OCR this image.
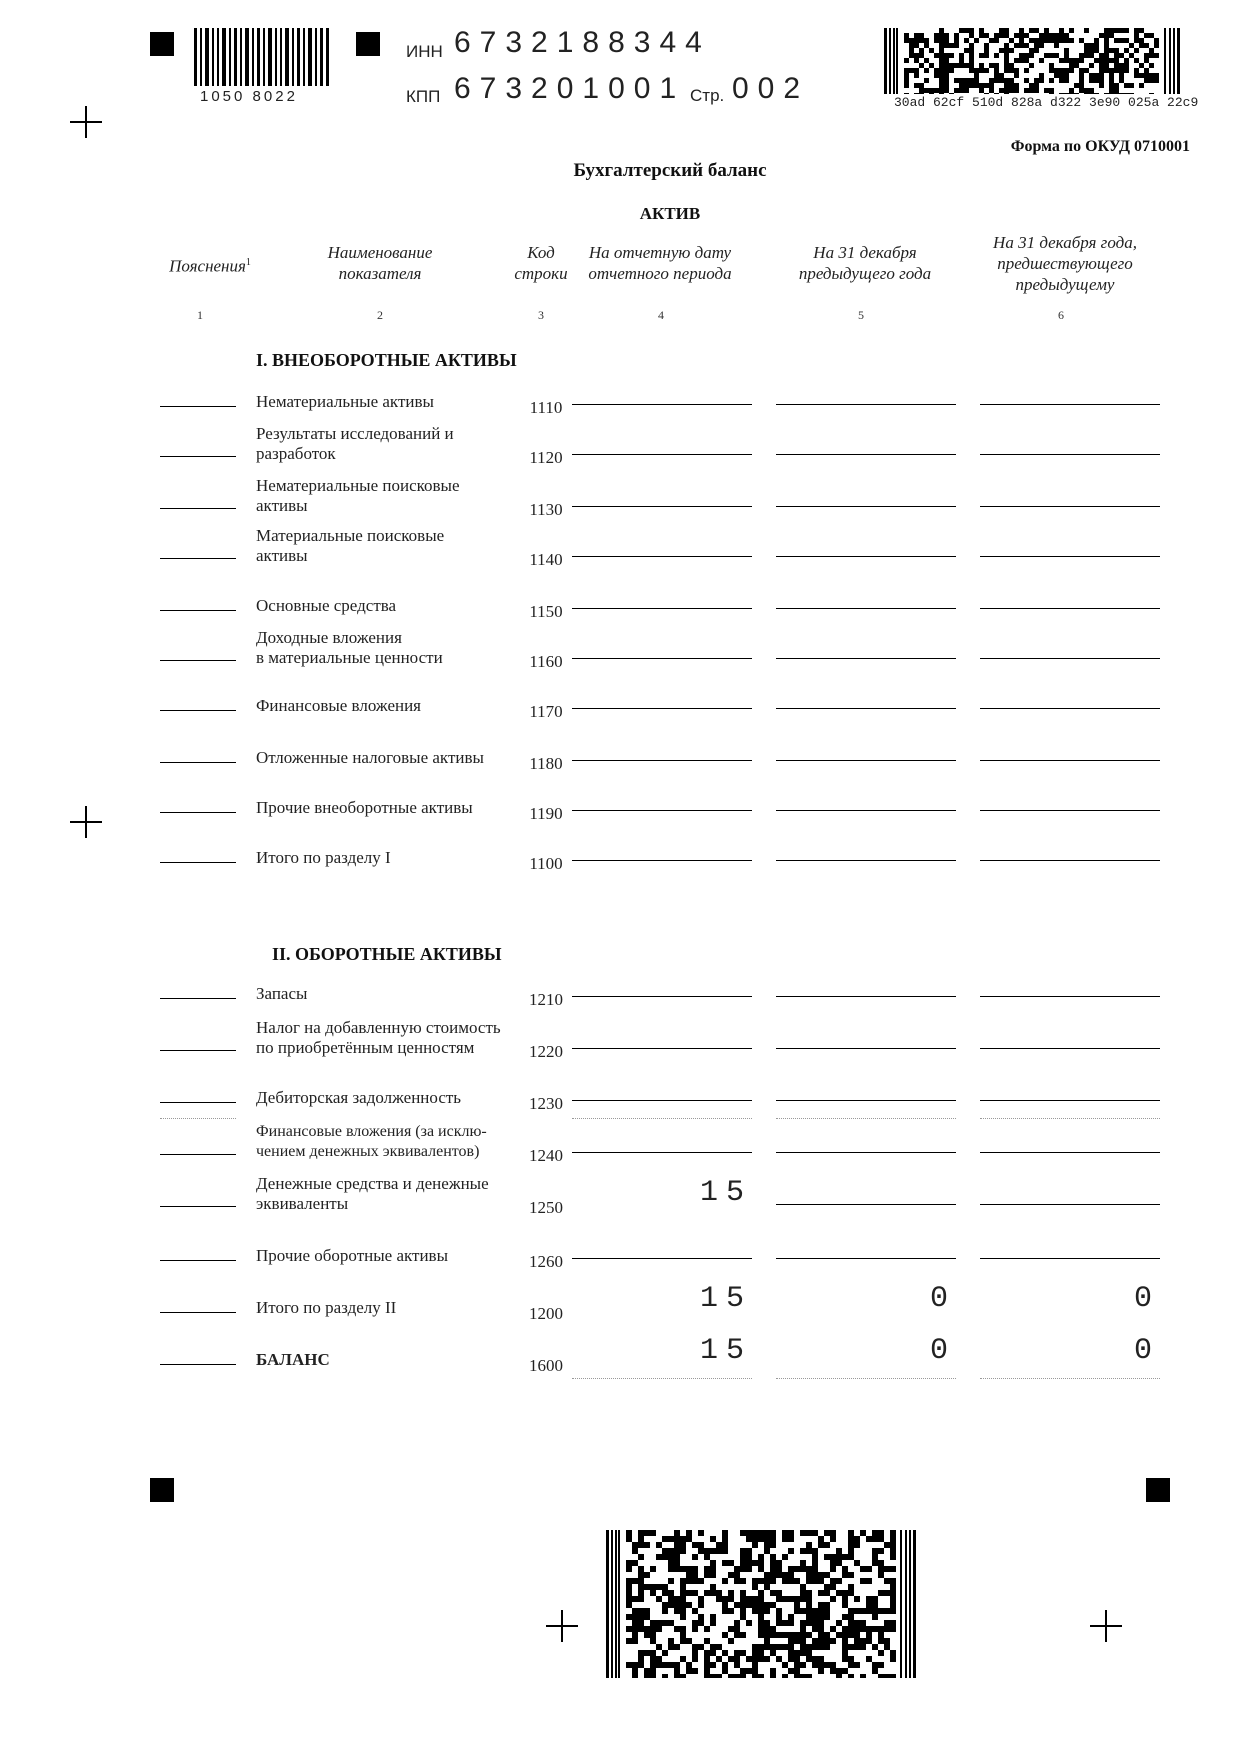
1050 8022
ИНН 6732188344
КПП 673201001 Стр. 002	30ad 62cf 510d 828a d322 3e90 025a 22c9
Форма по ОКУД 0710001
Бухгалтерский баланс
АКТИВ
Пояснения$^1$
Наименование
показателя
Код
строки
На отчетную дату
отчетного периода
На 31 декабря
предыдущего года
На 31 декабря года,
предшествующего
предыдущему
1	2	3	4	5	6
I. ВНЕОБОРОТНЫЕ АКТИВЫ
II. ОБОРОТНЫЕ АКТИВЫ
Нематериальные активы	1110
Результаты исследований и
разработок	1120
Нематериальные поисковые
активы	1130
Материальные поисковые
активы	1140
Основные средства	1150
Доходные вложения
в материальные ценности	1160
Финансовые вложения	1170
Отложенные налоговые активы	1180
Прочие внеоборотные активы	1190
Итого по разделу I	1100
Запасы	1210
Налог на добавленную стоимость
по приобретённым ценностям	1220
Дебиторская задолженность	1230
Финансовые вложения (за исклю-
чением денежных эквивалентов)	1240
Денежные средства и денежные
эквиваленты	1250	15
Прочие оборотные активы	1260
Итого по разделу II	1200	15	0	0
БАЛАНС	1600	15	0	0
